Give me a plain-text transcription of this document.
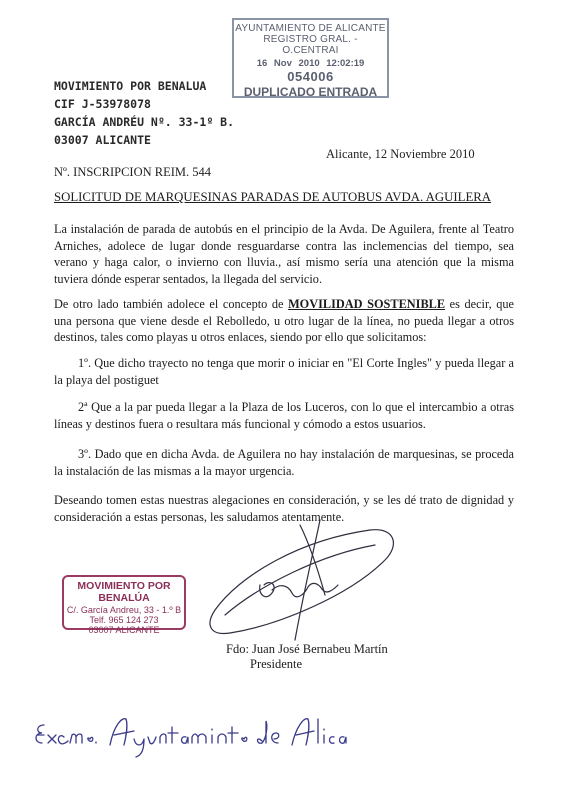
AYUNTAMIENTO DE ALICANTE
REGISTRO GRAL. - O.CENTRAI
16 Nov 2010 12:02:19
054006
DUPLICADO ENTRADA
MOVIMIENTO POR BENALUA
CIF J-53978078
GARCÍA ANDRÉU Nº. 33-1º B.
03007 ALICANTE
Alicante, 12 Noviembre 2010
Nº. INSCRIPCION REIM. 544
SOLICITUD DE MARQUESINAS PARADAS DE AUTOBUS AVDA. AGUILERA
La instalación de parada de autobús en el principio de la Avda. De Aguilera, frente al Teatro Arniches, adolece de lugar donde resguardarse contra las inclemencias del tiempo, sea verano y haga calor, o invierno con lluvia., así mismo sería una atención que la misma tuviera dónde esperar sentados, la llegada del servicio.
De otro lado también adolece el concepto de MOVILIDAD SOSTENIBLE es decir, que una persona que viene desde el Rebolledo, u otro lugar de la línea, no pueda llegar a otros destinos, tales como playas u otros enlaces, siendo por ello que solicitamos:
1º. Que dicho trayecto no tenga que morir o iniciar en "El Corte Ingles" y pueda llegar a la playa del postiguet
2ª Que a la par pueda llegar a la Plaza de los Luceros, con lo que el intercambio a otras líneas y destinos fuera o resultara más funcional y cómodo a estos usuarios.
3º. Dado que en dicha Avda. de Aguilera no hay instalación de marquesinas, se proceda la instalación de las mismas a la mayor urgencia.
Deseando tomen estas nuestras alegaciones en consideración, y se les dé trato de dignidad y consideración a estas personas, les saludamos atentamente.
MOVIMIENTO POR BENALÚA
C/. García Andreu, 33 - 1.º B
Telf. 965 124 273
03007 ALICANTE
Fdo: Juan José Bernabeu Martín
Presidente
